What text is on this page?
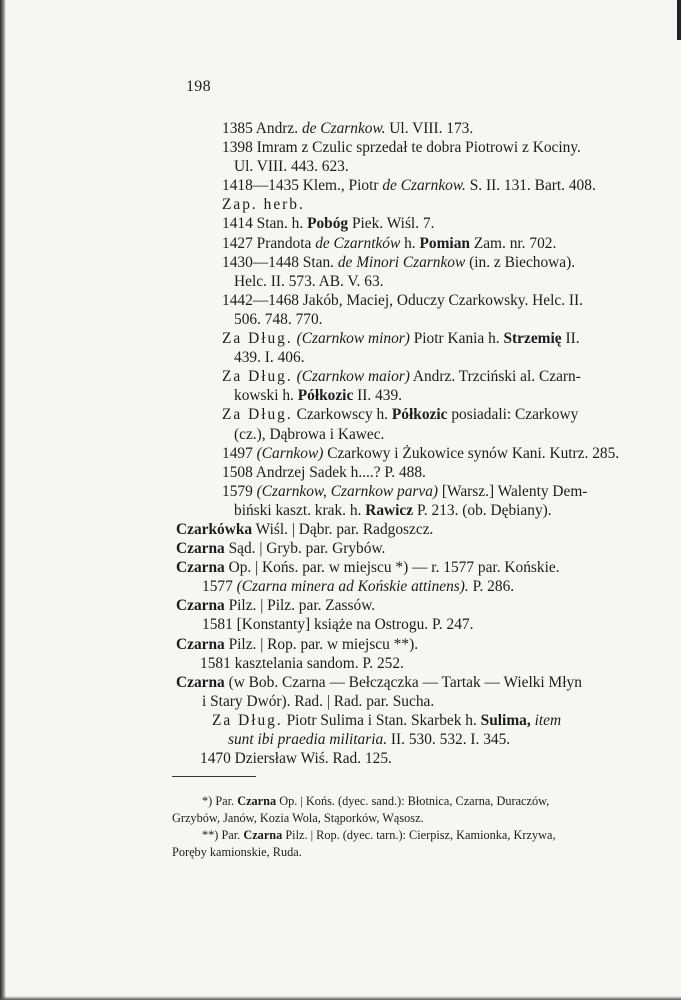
198
1385 Andrz. de Czarnkow. Ul. VIII. 173.
1398 Imram z Czulic sprzedał te dobra Piotrowi z Kociny.
Ul. VIII. 443. 623.
1418—1435 Klem., Piotr de Czarnkow. S. II. 131. Bart. 408.
Zap. herb.
1414 Stan. h. Pobóg Piek. Wiśl. 7.
1427 Prandota de Czarntków h. Pomian Zam. nr. 702.
1430—1448 Stan. de Minori Czarnkow (in. z Biechowa).
Helc. II. 573. AB. V. 63.
1442—1468 Jakób, Maciej, Oduczy Czarkowsky. Helc. II.
506. 748. 770.
Za Dług. (Czarnkow minor) Piotr Kania h. Strzemię II.
439. I. 406.
Za Dług. (Czarnkow maior) Andrz. Trzciński al. Czarn-
kowski h. Półkozic II. 439.
Za Dług. Czarkowscy h. Półkozic posiadali: Czarkowy
(cz.), Dąbrowa i Kawec.
1497 (Carnkow) Czarkowy i Żukowice synów Kani. Kutrz. 285.
1508 Andrzej Sadek h....? P. 488.
1579 (Czarnkow, Czarnkow parva) [Warsz.] Walenty Dem-
biński kaszt. krak. h. Rawicz P. 213. (ob. Dębiany).
Czarkówka Wiśl. | Dąbr. par. Radgoszcz.
Czarna Sąd. | Gryb. par. Grybów.
Czarna Op. | Końs. par. w miejscu *) — r. 1577 par. Końskie.
1577 (Czarna minera ad Końskie attinens). P. 286.
Czarna Pilz. | Pilz. par. Zassów.
1581 [Konstanty] książe na Ostrogu. P. 247.
Czarna Pilz. | Rop. par. w miejscu **).
1581 kasztelania sandom. P. 252.
Czarna (w Bob. Czarna — Bełczączka — Tartak — Wielki Młyn
i Stary Dwór). Rad. | Rad. par. Sucha.
Za Dług. Piotr Sulima i Stan. Skarbek h. Sulima, item
sunt ibi praedia militaria. II. 530. 532. I. 345.
1470 Dziersław Wiś. Rad. 125.
*) Par. Czarna Op. | Końs. (dyec. sand.): Błotnica, Czarna, Duraczów,
Grzybów, Janów, Kozia Wola, Stąporków, Wąsosz.
**) Par. Czarna Pilz. | Rop. (dyec. tarn.): Cierpisz, Kamionka, Krzywa,
Poręby kamionskie, Ruda.
